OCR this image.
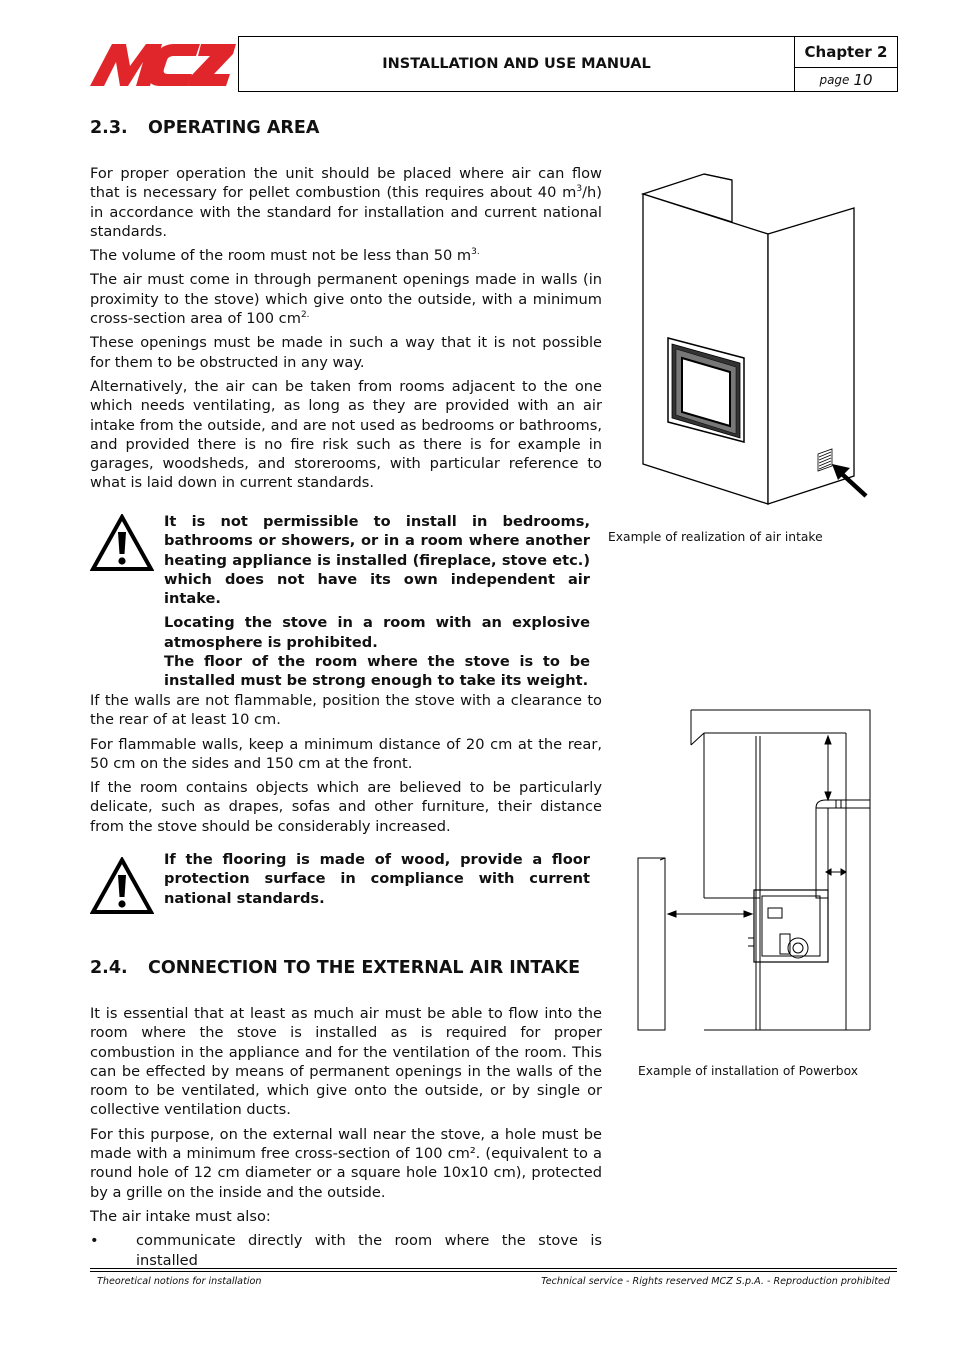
INSTALLATION AND USE MANUAL
Chapter 2
page 10
2.3. OPERATING AREA

For proper operation the unit should be placed where air can flow that is necessary for pellet combustion (this requires about 40 $m^3/h$) in accordance with the standard for installation and current national standards.

The volume of the room must not be less than 50 $m^{3.}$

The air must come in through permanent openings made in walls (in proximity to the stove) which give onto the outside, with a minimum cross-section area of 100 $cm^{2.}$

These openings must be made in such a way that it is not possible for them to be obstructed in any way.

Alternatively, the air can be taken from rooms adjacent to the one which needs ventilating, as long as they are provided with an air intake from the outside, and are not used as bedrooms or bathrooms, and provided there is no fire risk such as there is for example in garages, woodsheds, and storerooms, with particular reference to what is laid down in current standards.

It is not permissible to install in bedrooms, bathrooms or showers, or in a room where another heating appliance is installed (fireplace, stove etc.) which does not have its own independent air intake.

Locating the stove in a room with an explosive atmosphere is prohibited.

The floor of the room where the stove is to be installed must be strong enough to take its weight.

If the walls are not flammable, position the stove with a clearance to the rear of at least 10 cm.

For flammable walls, keep a minimum distance of 20 cm at the rear, 50 cm on the sides and 150 cm at the front.

If the room contains objects which are believed to be particularly delicate, such as drapes, sofas and other furniture, their distance from the stove should be considerably increased.

If the flooring is made of wood, provide a floor protection surface in compliance with current national standards.

Example of realization of air intake
Example of installation of Powerbox
2.4. CONNECTION TO THE EXTERNAL AIR INTAKE

It is essential that at least as much air must be able to flow into the room where the stove is installed as is required for proper combustion in the appliance and for the ventilation of the room. This can be effected by means of permanent openings in the walls of the room to be ventilated, which give onto the outside, or by single or collective ventilation ducts.

For this purpose, on the external wall near the stove, a hole must be made with a minimum free cross-section of 100 cm². (equivalent to a round hole of 12 cm diameter or a square hole 10x10 cm), protected by a grille on the inside and the outside.

The air intake must also:

• communicate directly with the room where the stove is installed
Theoretical notions for installation	Technical service - Rights reserved MCZ S.p.A. - Reproduction prohibited
